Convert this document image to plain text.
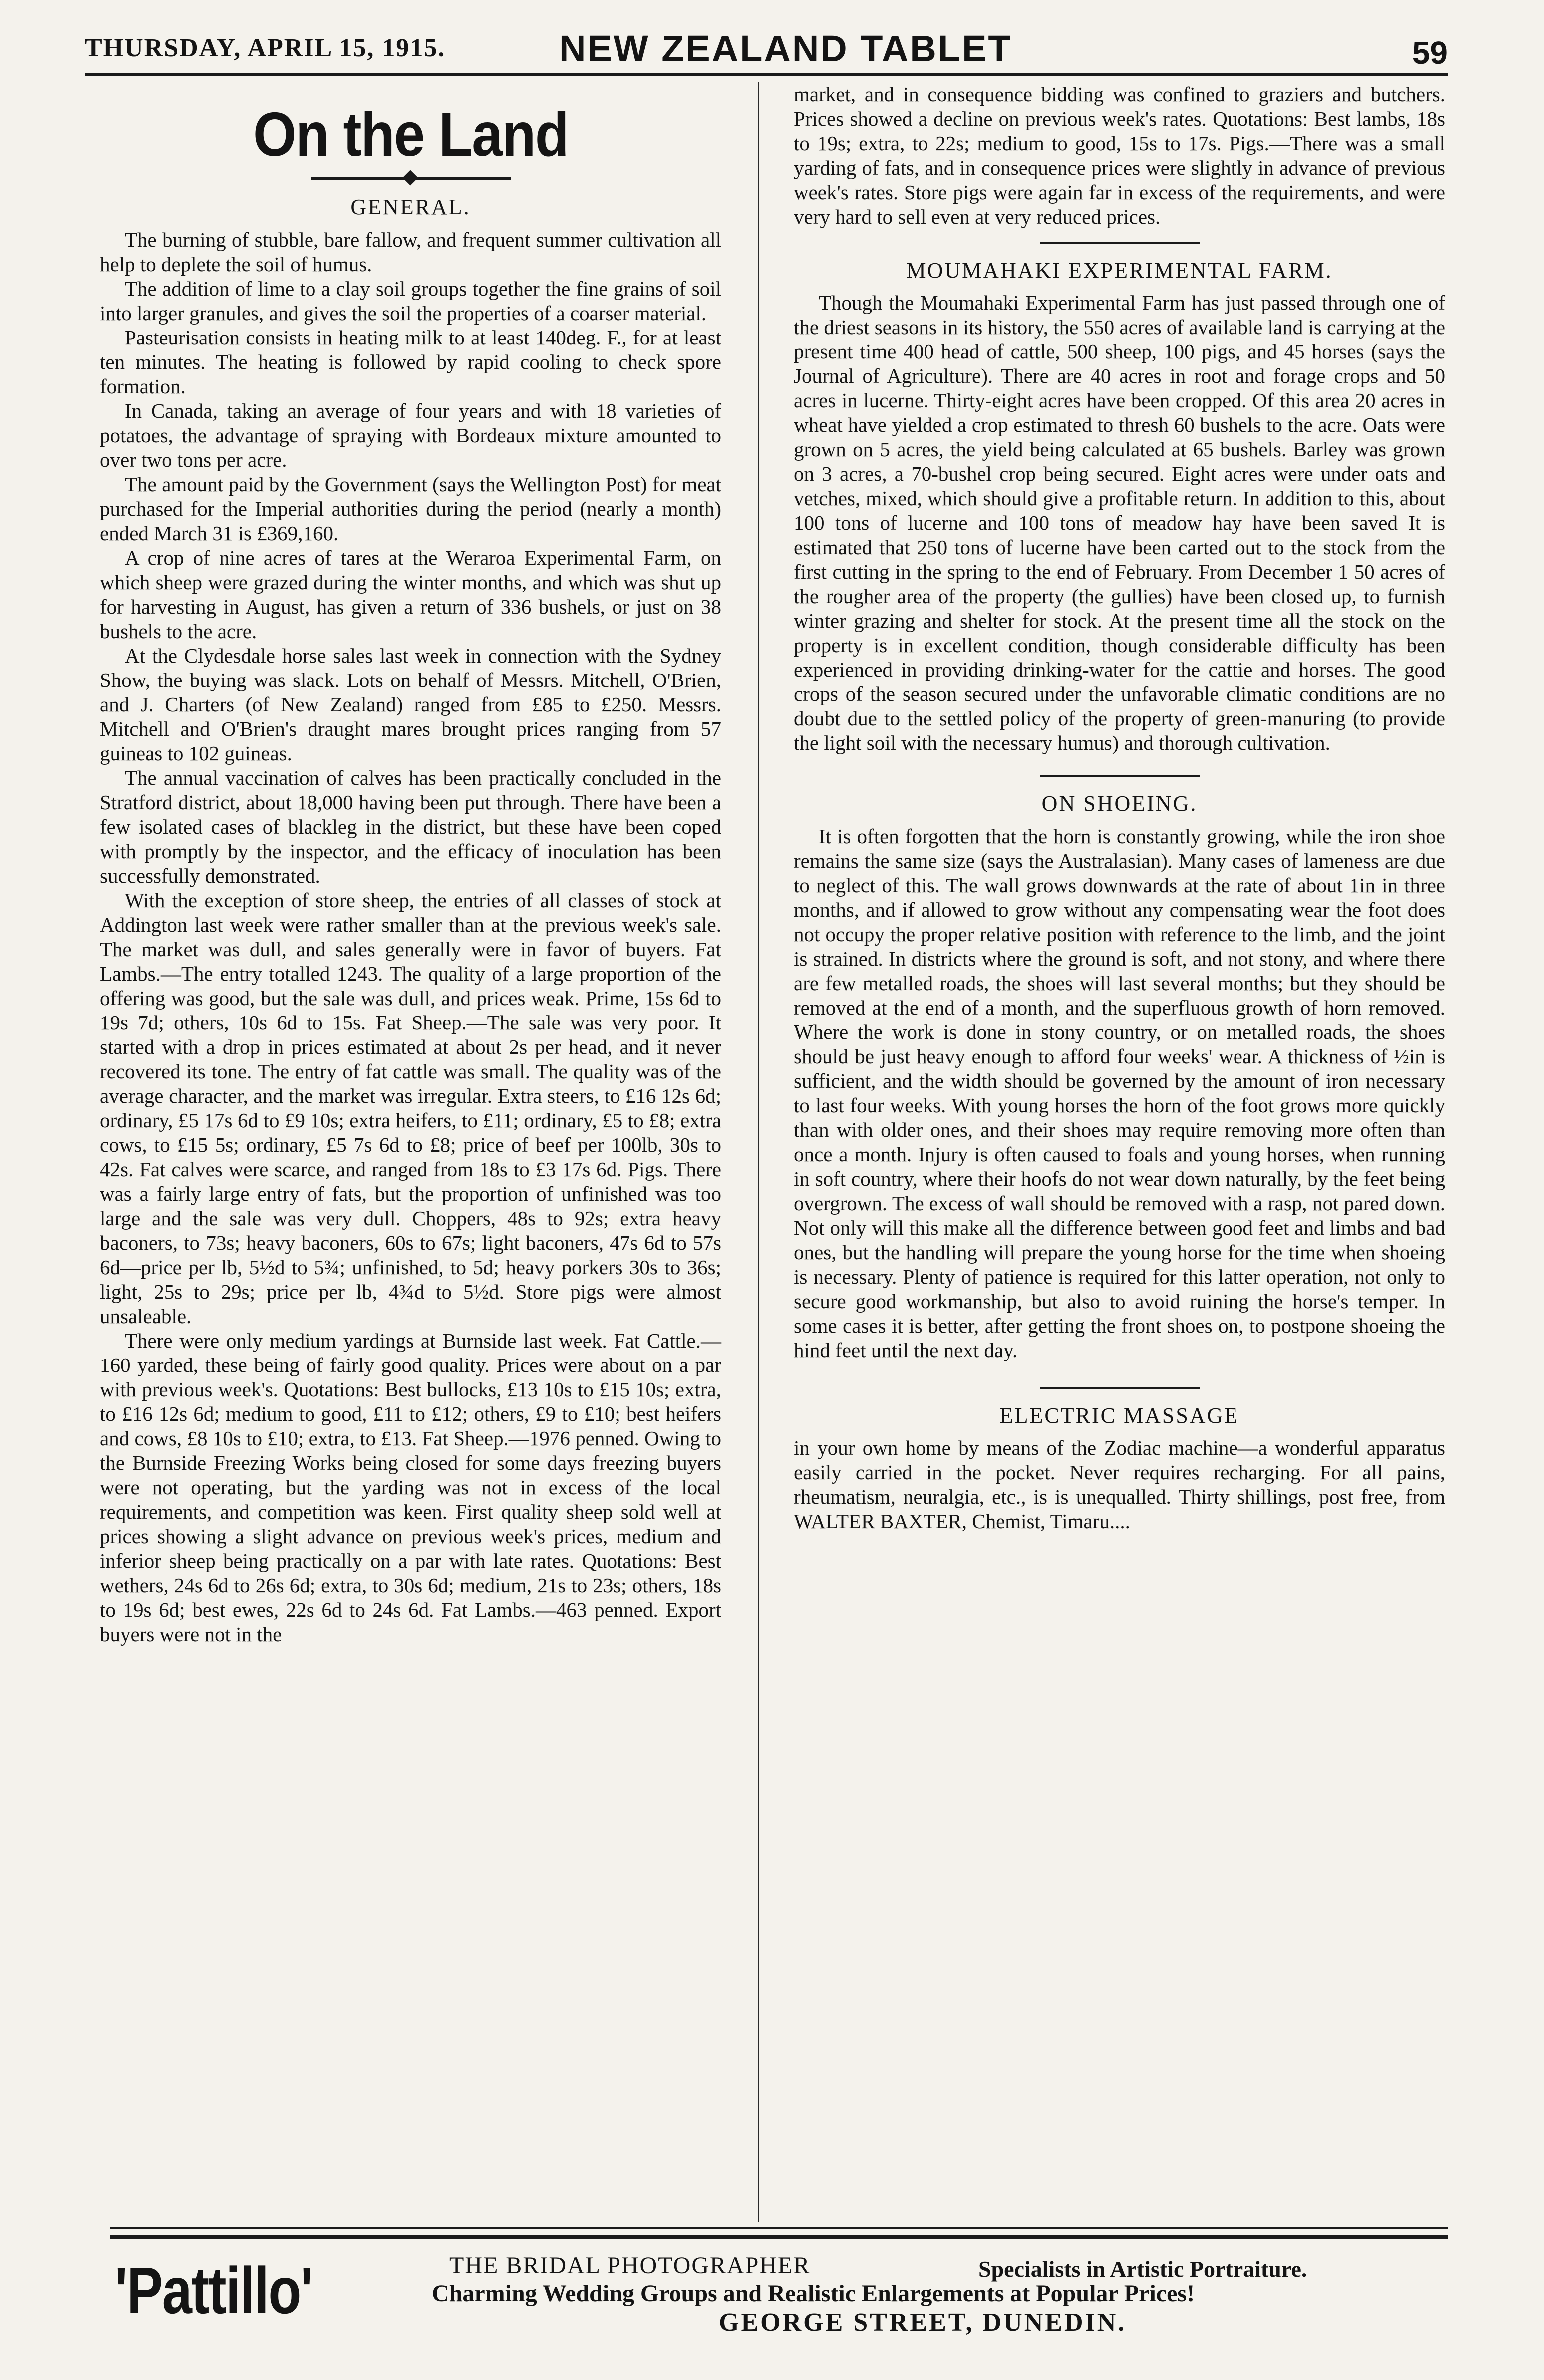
THURSDAY, APRIL 15, 1915.	NEW ZEALAND TABLET	59
On the Land
GENERAL.

The burning of stubble, bare fallow, and frequent summer cultivation all help to deplete the soil of humus.

The addition of lime to a clay soil groups together the fine grains of soil into larger granules, and gives the soil the properties of a coarser material.

Pasteurisation consists in heating milk to at least 140deg. F., for at least ten minutes. The heating is followed by rapid cooling to check spore formation.

In Canada, taking an average of four years and with 18 varieties of potatoes, the advantage of spraying with Bordeaux mixture amounted to over two tons per acre.

The amount paid by the Government (says the Wellington Post) for meat purchased for the Imperial authorities during the period (nearly a month) ended March 31 is £369,160.

A crop of nine acres of tares at the Weraroa Experimental Farm, on which sheep were grazed during the winter months, and which was shut up for harvesting in August, has given a return of 336 bushels, or just on 38 bushels to the acre.

At the Clydesdale horse sales last week in connection with the Sydney Show, the buying was slack. Lots on behalf of Messrs. Mitchell, O'Brien, and J. Charters (of New Zealand) ranged from £85 to £250. Messrs. Mitchell and O'Brien's draught mares brought prices ranging from 57 guineas to 102 guineas.

The annual vaccination of calves has been practically concluded in the Stratford district, about 18,000 having been put through. There have been a few isolated cases of blackleg in the district, but these have been coped with promptly by the inspector, and the efficacy of inoculation has been successfully demonstrated.

With the exception of store sheep, the entries of all classes of stock at Addington last week were rather smaller than at the previous week's sale. The market was dull, and sales generally were in favor of buyers. Fat Lambs.—The entry totalled 1243. The quality of a large proportion of the offering was good, but the sale was dull, and prices weak. Prime, 15s 6d to 19s 7d; others, 10s 6d to 15s. Fat Sheep.—The sale was very poor. It started with a drop in prices estimated at about 2s per head, and it never recovered its tone. The entry of fat cattle was small. The quality was of the average character, and the market was irregular. Extra steers, to £16 12s 6d; ordinary, £5 17s 6d to £9 10s; extra heifers, to £11; ordinary, £5 to £8; extra cows, to £15 5s; ordinary, £5 7s 6d to £8; price of beef per 100lb, 30s to 42s. Fat calves were scarce, and ranged from 18s to £3 17s 6d. Pigs. There was a fairly large entry of fats, but the proportion of unfinished was too large and the sale was very dull. Choppers, 48s to 92s; extra heavy baconers, to 73s; heavy baconers, 60s to 67s; light baconers, 47s 6d to 57s 6d—price per lb, 5½d to 5¾; unfinished, to 5d; heavy porkers 30s to 36s; light, 25s to 29s; price per lb, 4¾d to 5½d. Store pigs were almost unsaleable.

There were only medium yardings at Burnside last week. Fat Cattle.—160 yarded, these being of fairly good quality. Prices were about on a par with previous week's. Quotations: Best bullocks, £13 10s to £15 10s; extra, to £16 12s 6d; medium to good, £11 to £12; others, £9 to £10; best heifers and cows, £8 10s to £10; extra, to £13. Fat Sheep.—1976 penned. Owing to the Burnside Freezing Works being closed for some days freezing buyers were not operating, but the yarding was not in excess of the local requirements, and competition was keen. First quality sheep sold well at prices showing a slight advance on previous week's prices, medium and inferior sheep being practically on a par with late rates. Quotations: Best wethers, 24s 6d to 26s 6d; extra, to 30s 6d; medium, 21s to 23s; others, 18s to 19s 6d; best ewes, 22s 6d to 24s 6d. Fat Lambs.—463 penned. Export buyers were not in the

market, and in consequence bidding was confined to graziers and butchers. Prices showed a decline on previous week's rates. Quotations: Best lambs, 18s to 19s; extra, to 22s; medium to good, 15s to 17s. Pigs.—There was a small yarding of fats, and in consequence prices were slightly in advance of previous week's rates. Store pigs were again far in excess of the requirements, and were very hard to sell even at very reduced prices.

MOUMAHAKI EXPERIMENTAL FARM.

Though the Moumahaki Experimental Farm has just passed through one of the driest seasons in its history, the 550 acres of available land is carrying at the present time 400 head of cattle, 500 sheep, 100 pigs, and 45 horses (says the Journal of Agriculture). There are 40 acres in root and forage crops and 50 acres in lucerne. Thirty-eight acres have been cropped. Of this area 20 acres in wheat have yielded a crop estimated to thresh 60 bushels to the acre. Oats were grown on 5 acres, the yield being calculated at 65 bushels. Barley was grown on 3 acres, a 70-bushel crop being secured. Eight acres were under oats and vetches, mixed, which should give a profitable return. In addition to this, about 100 tons of lucerne and 100 tons of meadow hay have been saved It is estimated that 250 tons of lucerne have been carted out to the stock from the first cutting in the spring to the end of February. From December 1 50 acres of the rougher area of the property (the gullies) have been closed up, to furnish winter grazing and shelter for stock. At the present time all the stock on the property is in excellent condition, though considerable difficulty has been experienced in providing drinking-water for the cattie and horses. The good crops of the season secured under the unfavorable climatic conditions are no doubt due to the settled policy of the property of green-manuring (to provide the light soil with the necessary humus) and thorough cultivation.

ON SHOEING.

It is often forgotten that the horn is constantly growing, while the iron shoe remains the same size (says the Australasian). Many cases of lameness are due to neglect of this. The wall grows downwards at the rate of about 1in in three months, and if allowed to grow without any compensating wear the foot does not occupy the proper relative position with reference to the limb, and the joint is strained. In districts where the ground is soft, and not stony, and where there are few metalled roads, the shoes will last several months; but they should be removed at the end of a month, and the superfluous growth of horn removed. Where the work is done in stony country, or on metalled roads, the shoes should be just heavy enough to afford four weeks' wear. A thickness of ½in is sufficient, and the width should be governed by the amount of iron necessary to last four weeks. With young horses the horn of the foot grows more quickly than with older ones, and their shoes may require removing more often than once a month. Injury is often caused to foals and young horses, when running in soft country, where their hoofs do not wear down naturally, by the feet being overgrown. The excess of wall should be removed with a rasp, not pared down. Not only will this make all the difference between good feet and limbs and bad ones, but the handling will prepare the young horse for the time when shoeing is necessary. Plenty of patience is required for this latter operation, not only to secure good workmanship, but also to avoid ruining the horse's temper. In some cases it is better, after getting the front shoes on, to postpone shoeing the hind feet until the next day.

ELECTRIC MASSAGE

in your own home by means of the Zodiac machine—a wonderful apparatus easily carried in the pocket. Never requires recharging. For all pains, rheumatism, neuralgia, etc., is is unequalled. Thirty shillings, post free, from WALTER BAXTER, Chemist, Timaru....

'Pattillo'	THE BRIDAL PHOTOGRAPHER	Specialists in Artistic Portraiture.
Charming Wedding Groups and Realistic Enlargements at Popular Prices!
GEORGE STREET, DUNEDIN.
